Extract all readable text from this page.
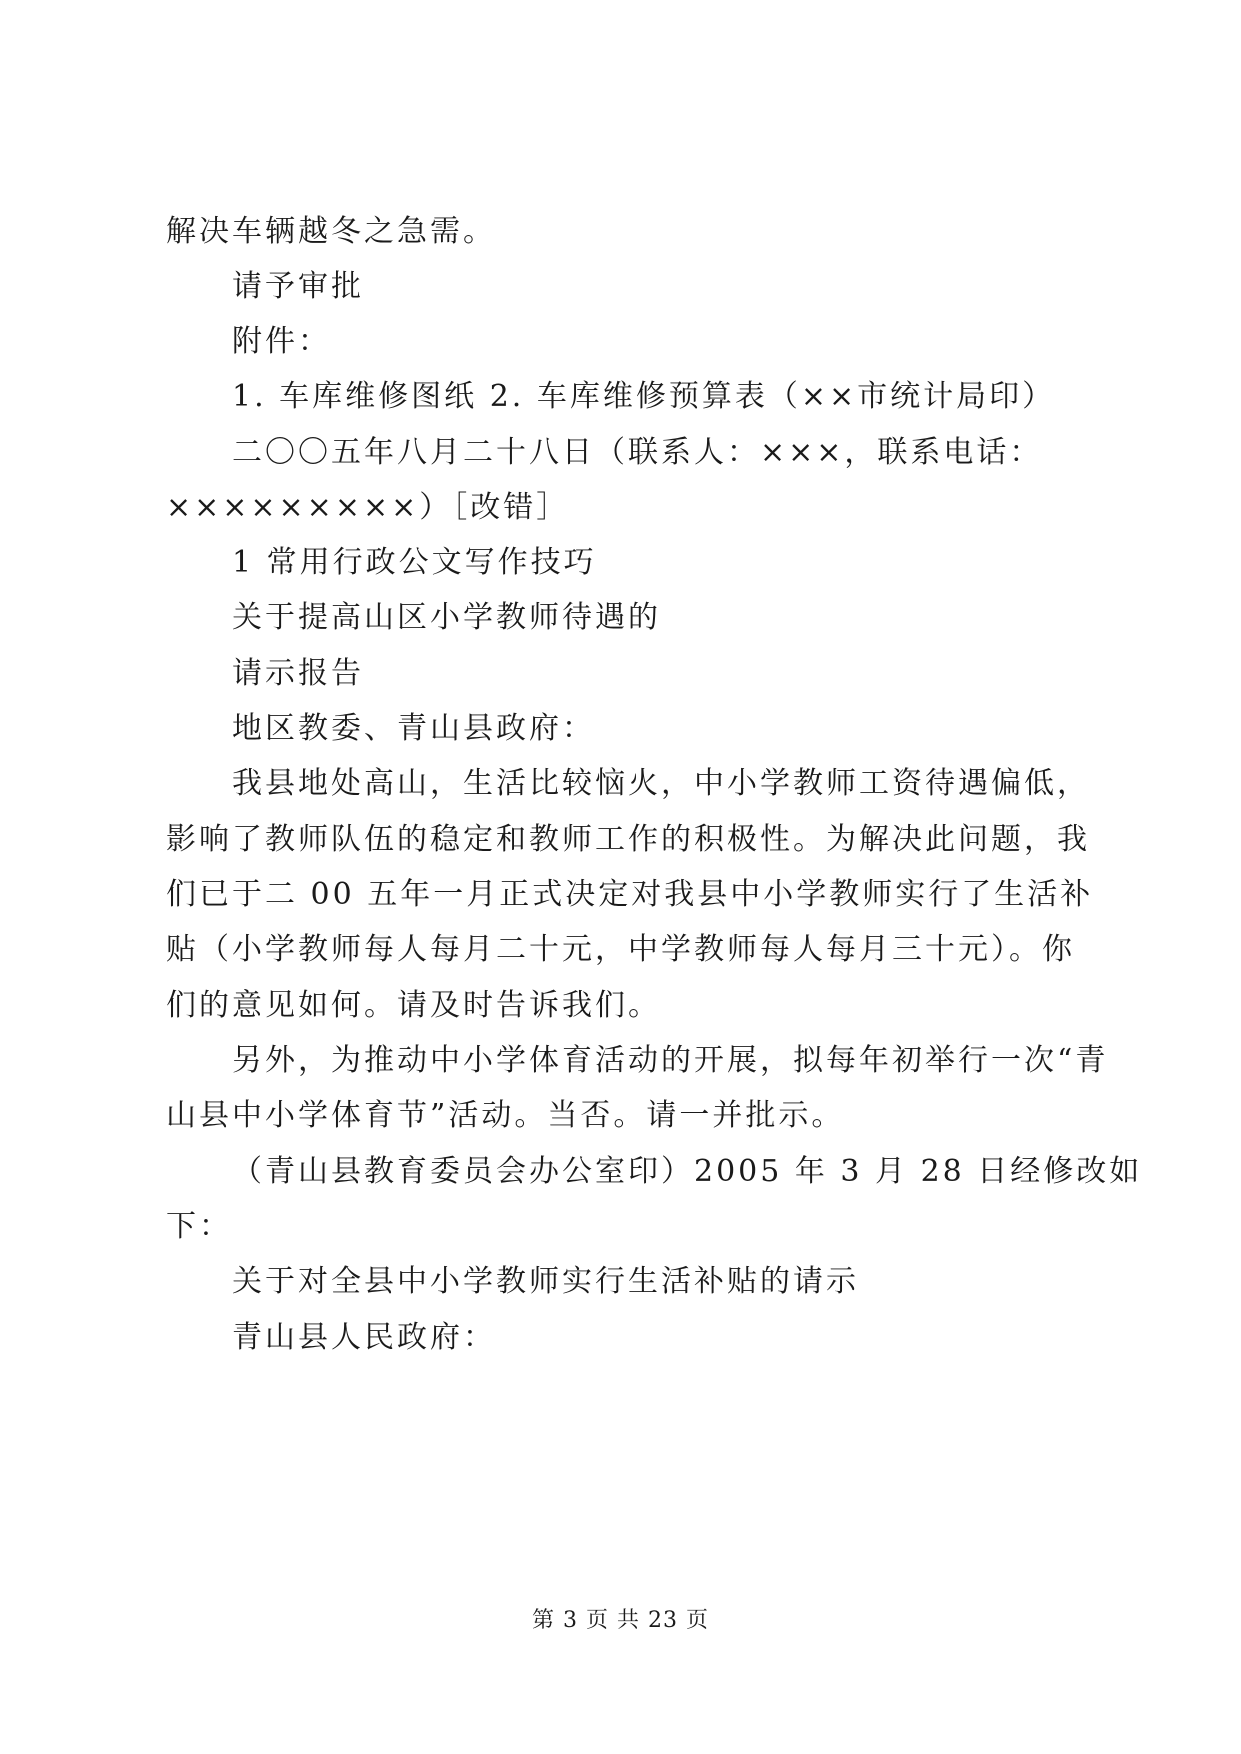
解决车辆越冬之急需。
请予审批
附件：
1. 车库维修图纸 2. 车库维修预算表（××市统计局印）
二〇〇五年八月二十八日（联系人：×××，联系电话：
×××××××××）［改错］
1 常用行政公文写作技巧
关于提高山区小学教师待遇的
请示报告
地区教委、青山县政府：
我县地处高山，生活比较恼火，中小学教师工资待遇偏低，
影响了教师队伍的稳定和教师工作的积极性。为解决此问题，我
们已于二 00 五年一月正式决定对我县中小学教师实行了生活补
贴（小学教师每人每月二十元，中学教师每人每月三十元）。你
们的意见如何。请及时告诉我们。
另外，为推动中小学体育活动的开展，拟每年初举行一次“青
山县中小学体育节”活动。当否。请一并批示。
（青山县教育委员会办公室印）2005 年 3 月 28 日经修改如
下：
关于对全县中小学教师实行生活补贴的请示
青山县人民政府：
第 3 页 共 23 页
